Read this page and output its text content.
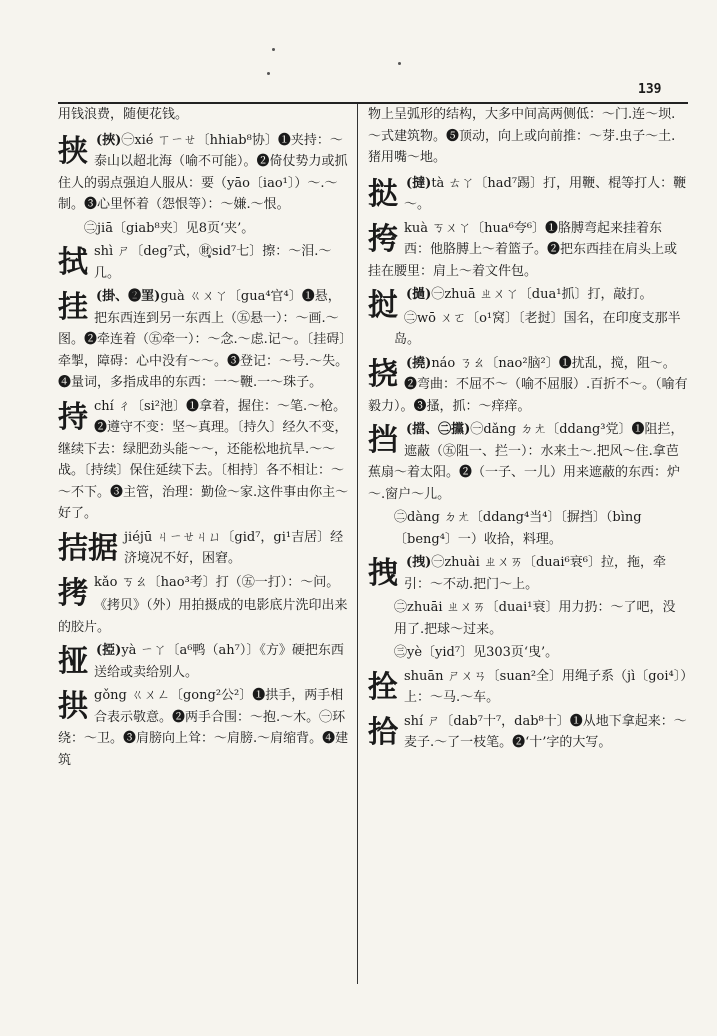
139
用钱浪费，随便花钱。
挟 (挾)㊀xié ㄒㄧㄝ〔hhiab⁸协〕❶夹持：～泰山以超北海（喻不可能）。❷倚仗势力或抓住人的弱点强迫人服从：要（yāo〔iao¹〕）～.～制。❸心里怀着（怨恨等）：～嫌.～恨。
㊁jiā〔giab⁸夹〕见8页‘夹’。
拭shì ㄕ〔deg⁷式，㊖sid⁷七〕擦：～泪.～几。
挂 (掛、❷罣)guà ㄍㄨㄚ〔gua⁴官⁴〕❶悬，把东西连到另一东西上（㊄悬一）：～画.～图。❷牵连着（㊄牵一）：～念.～虑.记～。〔挂碍〕牵掣，障碍：心中没有～～。❸登记：～号.～失。❹量词，多指成串的东西：一～鞭.一～珠子。
持chí ㄔ〔si²池〕❶拿着，握住：～笔.～枪。❷遵守不变：坚～真理。〔持久〕经久不变，继续下去：绿肥劲头能～～，还能松地抗旱.～～战。〔持续〕保住延续下去。〔相持〕各不相让：～～不下。❸主管，治理：勤俭～家.这件事由你主～好了。
拮据 jiéjū ㄐㄧㄝㄐㄩ〔gid⁷，gi¹吉居〕经济境况不好，困窘。
拷kǎo ㄎㄠ〔hao³考〕打（㊄一打）：～问。
《拷贝》（外）用拍摄成的电影底片洗印出来的胶片。
挜 (掗)yà ㄧㄚ〔a⁶鸭（ah⁷）〕《方》硬把东西送给或卖给别人。
拱gǒng ㄍㄨㄥ〔gong²公²〕❶拱手，两手相合表示敬意。❷两手合围：～抱.～木。㊀环绕：～卫。❸肩膀向上耸：～肩膀.～肩缩背。❹建筑
物上呈弧形的结构，大多中间高两侧低：～门.连～坝.～式建筑物。❺顶动，向上或向前推：～芽.虫子～土.猪用嘴～地。
挞 (撻)tà ㄊㄚ〔had⁷踢〕打，用鞭、棍等打人：鞭～。
挎kuà ㄎㄨㄚ〔hua⁶夸⁶〕❶胳膊弯起来挂着东西：他胳膊上～着篮子。❷把东西挂在肩头上或挂在腰里：肩上～着文件包。
挝 (撾)㊀zhuā ㄓㄨㄚ〔dua¹抓〕打，敲打。
㊁wō ㄨㄛ〔o¹窝〕〔老挝〕国名，在印度支那半岛。
挠 (撓)náo ㄋㄠ〔nao²脑²〕❶扰乱，搅，阻～。❷弯曲：不屈不～（喻不屈服）.百折不～。（喻有毅力）。❸搔，抓：～痒痒。
挡 (擋、㊁攩)㊀dǎng ㄉㄤ〔ddang³党〕❶阻拦，遮蔽（㊄阻一、拦一）：水来土～.把风～住.拿芭蕉扇～着太阳。❷（一子、一儿）用来遮蔽的东西：炉～.窗户～儿。
㊁dàng ㄉㄤ〔ddang⁴当⁴〕〔摒挡〕（bìng〔beng⁴〕一）收拾，料理。
拽 (拽)㊀zhuài ㄓㄨㄞ〔duai⁶衰⁶〕拉，拖，牵引：～不动.把门～上。
㊁zhuāi ㄓㄨㄞ〔duai¹衰〕用力扔：～了吧，没用了.把球～过来。
㊂yè〔yid⁷〕见303页‘曳’。
拴shuān ㄕㄨㄢ〔suan²全〕用绳子系（jì〔goi⁴〕）上：～马.～车。
拾shí ㄕ〔dab⁷十⁷，dab⁸十〕❶从地下拿起来：～麦子.～了一枝笔。❷‘十’字的大写。
